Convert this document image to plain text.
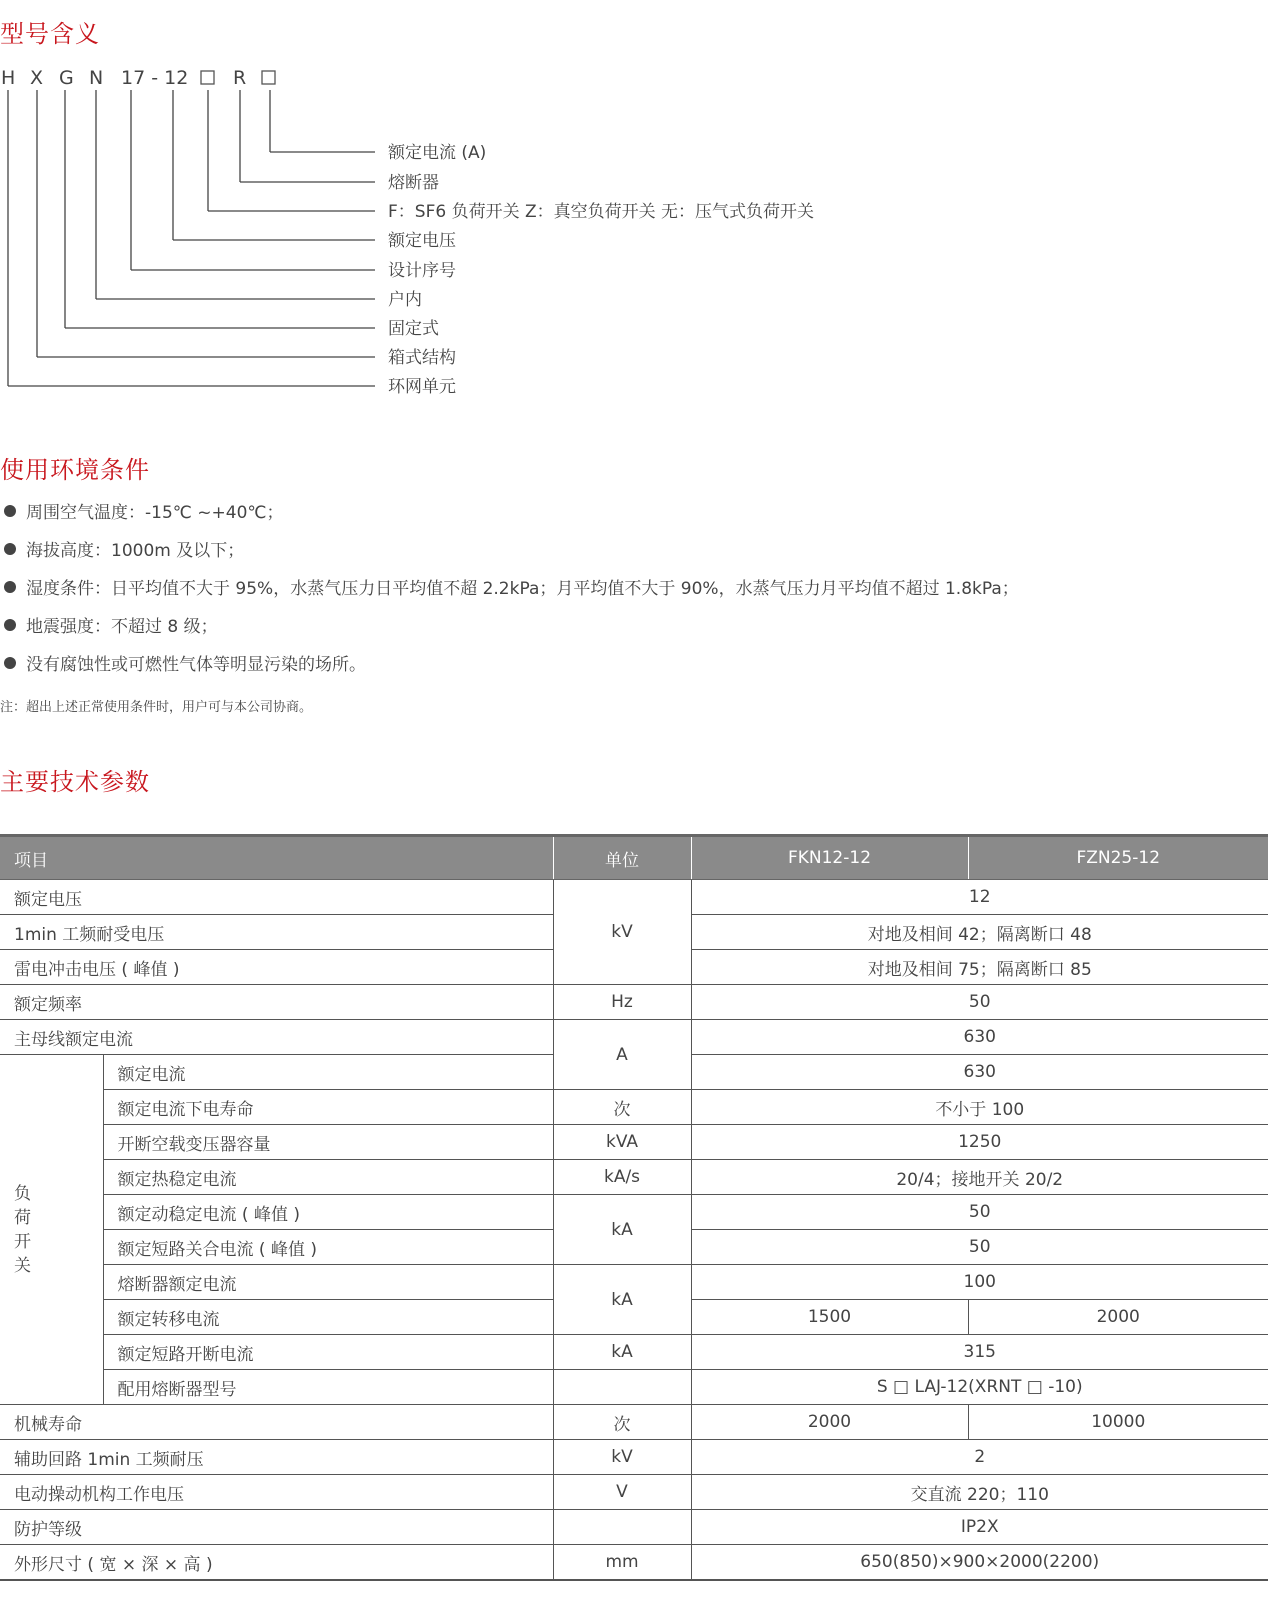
型号含义
H X G N 17 - 12 R
额定电流 (A)
熔断器
F：SF6 负荷开关 Z：真空负荷开关 无：压气式负荷开关
额定电压
设计序号
户内
固定式
箱式结构
环网单元
使用环境条件
周围空气温度：-15℃ ~+40℃；
海拔高度：1000m 及以下；
湿度条件：日平均值不大于 95%，水蒸气压力日平均值不超 2.2kPa；月平均值不大于 90%，水蒸气压力月平均值不超过 1.8kPa；
地震强度：不超过 8 级；
没有腐蚀性或可燃性气体等明显污染的场所。
注：超出上述正常使用条件时，用户可与本公司协商。
主要技术参数
项目		单位	FKN12-12	FZN25-12
额定电压		kV	12	
1min 工频耐受电压			对地及相间 42；隔离断口 48	
雷电冲击电压 ( 峰值 )			对地及相间 75；隔离断口 85	
额定频率		Hz	50	
主母线额定电流		A	630	
负
荷
开
关	额定电流		630	
	额定电流下电寿命	次	不小于 100	
	开断空载变压器容量	kVA	1250	
	额定热稳定电流	kA/s	20/4；接地开关 20/2	
	额定动稳定电流 ( 峰值 )	kA	50	
	额定短路关合电流 ( 峰值 )		50	
	熔断器额定电流	kA	100	
	额定转移电流		1500	2000
	额定短路开断电流	kA	315	
	配用熔断器型号		S □ LAJ-12(XRNT □ -10)	
机械寿命		次	2000	10000
辅助回路 1min 工频耐压		kV	2	
电动操动机构工作电压		V	交直流 220；110	
防护等级			IP2X	
外形尺寸 ( 宽 × 深 × 高 )		mm	650(850)×900×2000(2200)	
